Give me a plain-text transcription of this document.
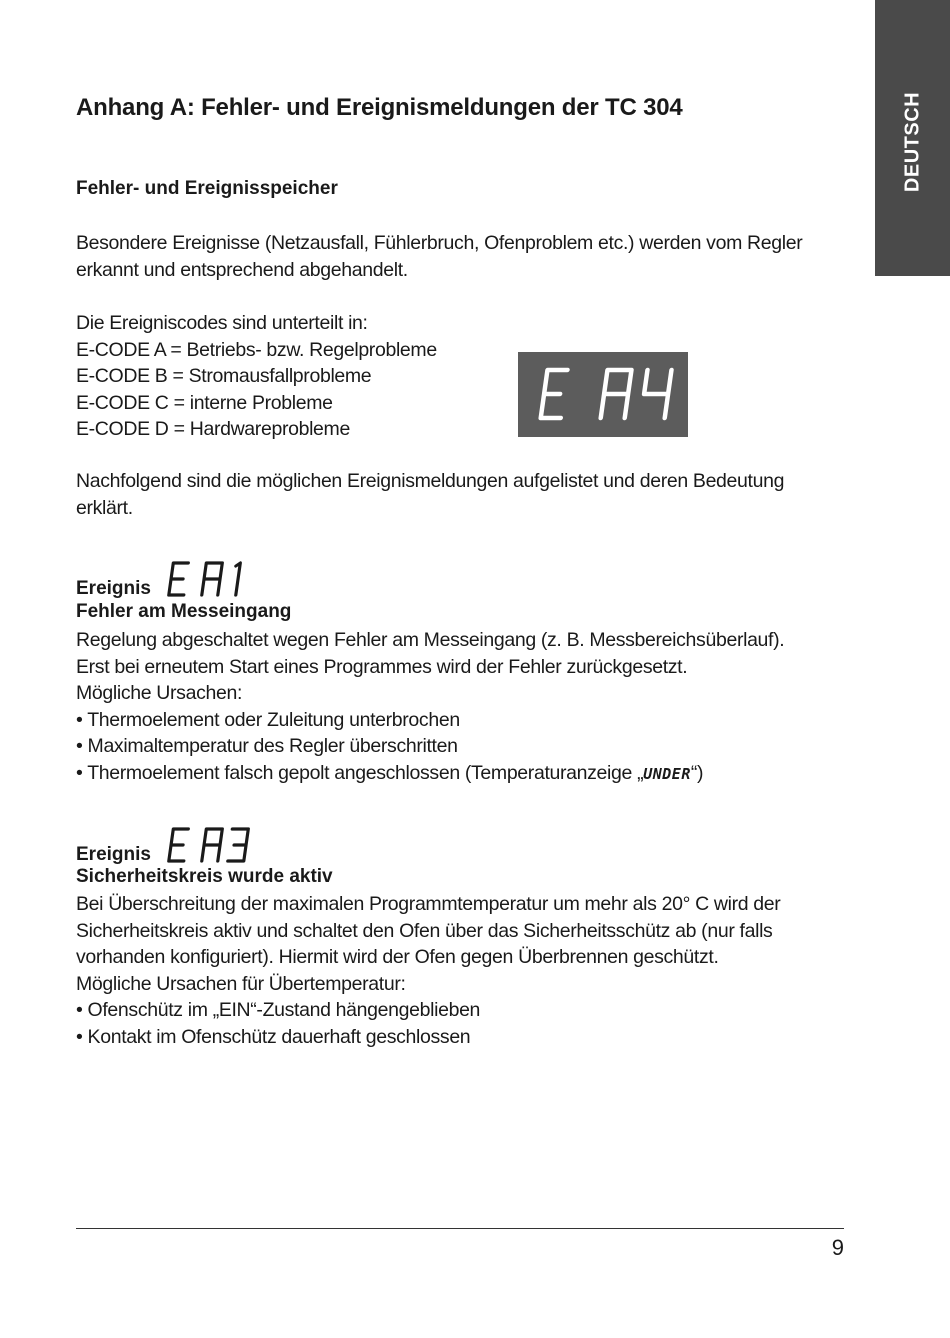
DEUTSCH
Anhang A: Fehler- und Ereignismeldungen der TC 304
Fehler- und Ereignisspeicher

Besondere Ereignisse (Netzausfall, Fühlerbruch, Ofenproblem etc.) werden vom Regler
erkannt und entsprechend abgehandelt.

Die Ereigniscodes sind unterteilt in:
E-CODE A = Betriebs- bzw. Regelprobleme
E-CODE B = Stromausfallprobleme
E-CODE C = interne Probleme
E-CODE D = Hardwareprobleme

Nachfolgend sind die möglichen Ereignismeldungen aufgelistet und deren Bedeutung
erklärt.

Ereignis
Fehler am Messeingang

Regelung abgeschaltet wegen Fehler am Messeingang (z. B. Messbereichsüberlauf).
Erst bei erneutem Start eines Programmes wird der Fehler zurückgesetzt.
Mögliche Ursachen:
• Thermoelement oder Zuleitung unterbrochen
• Maximaltemperatur des Regler überschritten
• Thermoelement falsch gepolt angeschlossen (Temperaturanzeige „UNDER“)

Ereignis
Sicherheitskreis wurde aktiv

Bei Überschreitung der maximalen Programmtemperatur um mehr als 20° C wird der
Sicherheitskreis aktiv und schaltet den Ofen über das Sicherheitsschütz ab (nur falls
vorhanden konfiguriert). Hiermit wird der Ofen gegen Überbrennen geschützt.
Mögliche Ursachen für Übertemperatur:
• Ofenschütz im „EIN“-Zustand hängengeblieben
• Kontakt im Ofenschütz dauerhaft geschlossen

9
